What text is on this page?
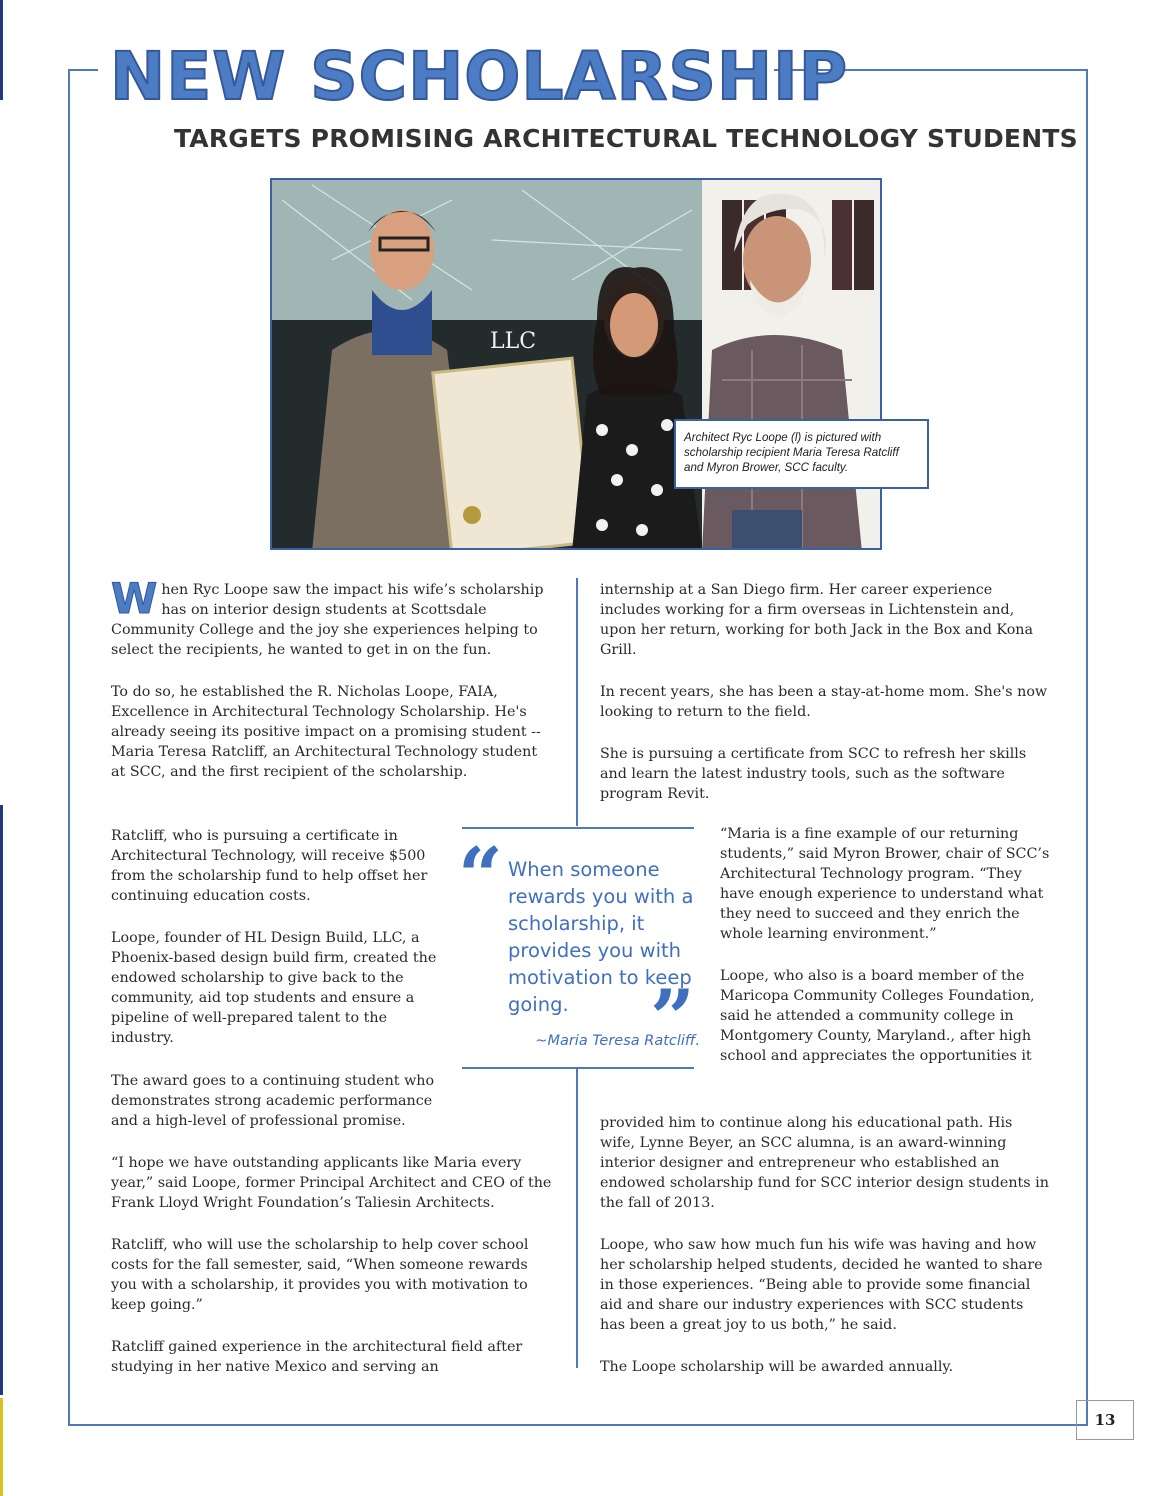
NEW SCHOLARSHIP
TARGETS PROMISING ARCHITECTURAL TECHNOLOGY STUDENTS
LLC
Architect Ryc Loope (l) is pictured with scholarship recipient Maria Teresa Ratcliff and Myron Brower, SCC faculty.

When Ryc Loope saw the impact his wife’s scholarship has on interior design students at Scottsdale Community College and the joy she experiences helping to select the recipients, he wanted to get in on the fun.

To do so, he established the R. Nicholas Loope, FAIA, Excellence in Architectural Technology Scholarship. He's already seeing its positive impact on a promising student -- Maria Teresa Ratcliff, an Architectural Technology student at SCC, and the first recipient of the scholarship.

Ratcliff, who is pursuing a certificate in Architectural Technology, will receive $500 from the scholarship fund to help offset her continuing education costs.

Loope, founder of HL Design Build, LLC, a Phoenix-based design build firm, created the endowed scholarship to give back to the community, aid top students and ensure a pipeline of well-prepared talent to the industry.

The award goes to a continuing student who demonstrates strong academic performance and a high-level of professional promise.

“I hope we have outstanding applicants like Maria every year,” said Loope, former Principal Architect and CEO of the Frank Lloyd Wright Foundation’s Taliesin Architects.

Ratcliff, who will use the scholarship to help cover school costs for the fall semester, said, “When someone rewards you with a scholarship, it provides you with motivation to keep going.”

Ratcliff gained experience in the architectural field after studying in her native Mexico and serving an

“ When someone rewards you with a scholarship, it provides you with motivation to keep going.	”
~Maria Teresa Ratcliff.

internship at a San Diego firm. Her career experience includes working for a firm overseas in Lichtenstein and, upon her return, working for both Jack in the Box and Kona Grill.

In recent years, she has been a stay-at-home mom. She's now looking to return to the field.

She is pursuing a certificate from SCC to refresh her skills and learn the latest industry tools, such as the software program Revit.

“Maria is a fine example of our returning students,” said Myron Brower, chair of SCC’s Architectural Technology program. “They have enough experience to understand what they need to succeed and they enrich the whole learning environment.”

Loope, who also is a board member of the Maricopa Community Colleges Foundation, said he attended a community college in Montgomery County, Maryland., after high school and appreciates the opportunities it

provided him to continue along his educational path. His wife, Lynne Beyer, an SCC alumna, is an award-winning interior designer and entrepreneur who established an endowed scholarship fund for SCC interior design students in the fall of 2013.

Loope, who saw how much fun his wife was having and how her scholarship helped students, decided he wanted to share in those experiences. “Being able to provide some financial aid and share our industry experiences with SCC students has been a great joy to us both,” he said.

The Loope scholarship will be awarded annually.

13
